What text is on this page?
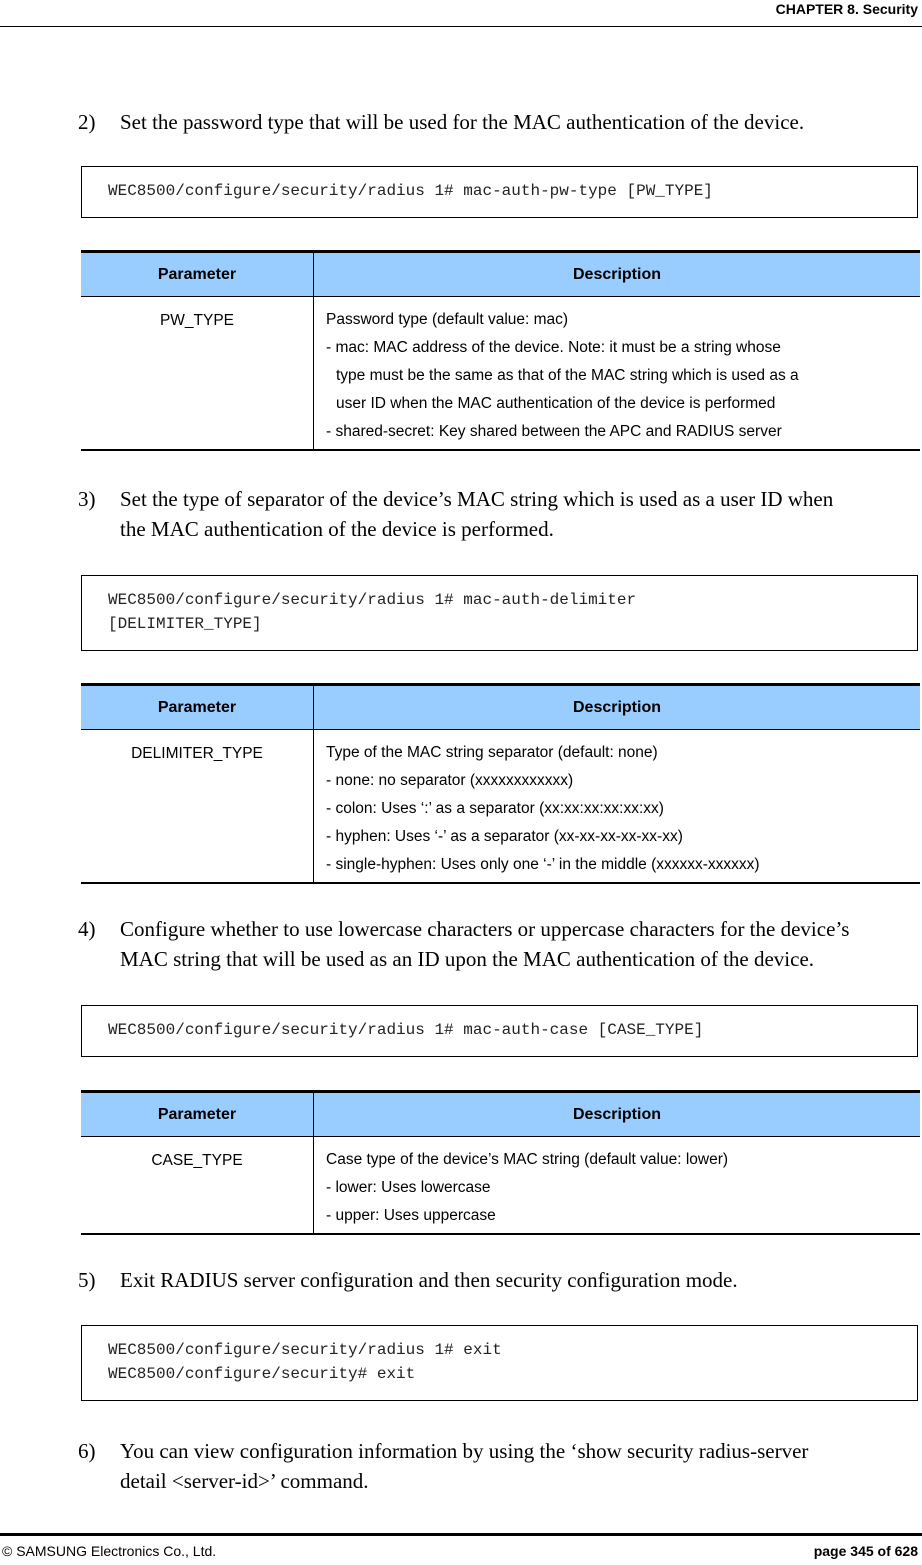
CHAPTER 8. Security
2) Set the password type that will be used for the MAC authentication of the device.
WEC8500/configure/security/radius 1# mac-auth-pw-type [PW_TYPE]
Parameter	Description
PW_TYPE	Password type (default value: mac)
- mac: MAC address of the device. Note: it must be a string whose
type must be the same as that of the MAC string which is used as a
user ID when the MAC authentication of the device is performed
- shared-secret: Key shared between the APC and RADIUS server
3) Set the type of separator of the device’s MAC string which is used as a user ID when
the MAC authentication of the device is performed.
WEC8500/configure/security/radius 1# mac-auth-delimiter
[DELIMITER_TYPE]
Parameter	Description
DELIMITER_TYPE	Type of the MAC string separator (default: none)
- none: no separator (xxxxxxxxxxxx)
- colon: Uses ‘:’ as a separator (xx:xx:xx:xx:xx:xx)
- hyphen: Uses ‘-’ as a separator (xx-xx-xx-xx-xx-xx)
- single-hyphen: Uses only one ‘-’ in the middle (xxxxxx-xxxxxx)
4) Configure whether to use lowercase characters or uppercase characters for the device’s
MAC string that will be used as an ID upon the MAC authentication of the device.
WEC8500/configure/security/radius 1# mac-auth-case [CASE_TYPE]
Parameter	Description
CASE_TYPE	Case type of the device’s MAC string (default value: lower)
- lower: Uses lowercase
- upper: Uses uppercase
5) Exit RADIUS server configuration and then security configuration mode.
WEC8500/configure/security/radius 1# exit
WEC8500/configure/security# exit
6) You can view configuration information by using the ‘show security radius-server
detail <server-id>’ command.
© SAMSUNG Electronics Co., Ltd.	page 345 of 628
